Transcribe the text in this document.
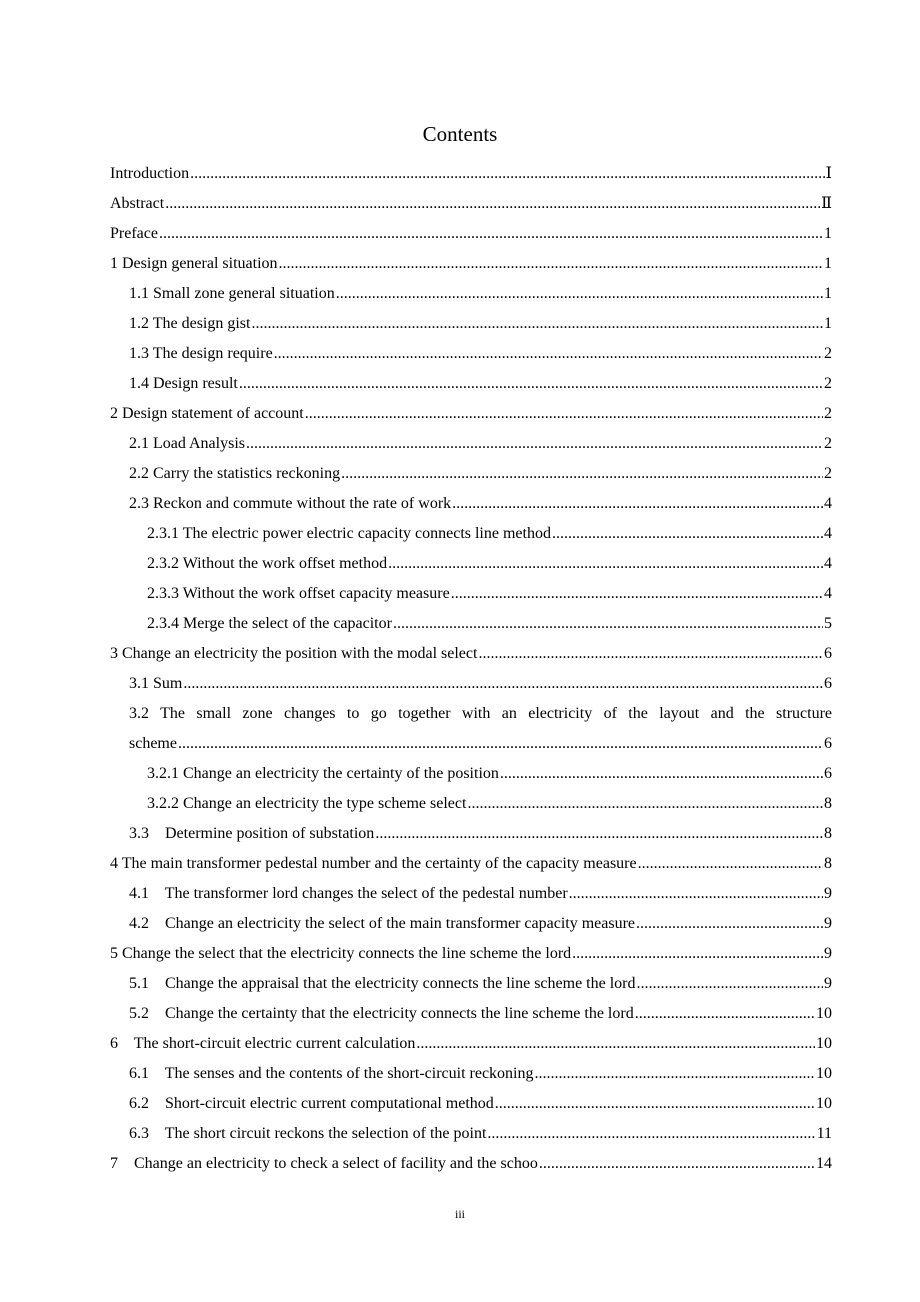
Contents
Introduction .....	Ⅰ
Abstract .....	Ⅱ
Preface .....	1
1 Design general situation .....	1
1.1 Small zone general situation .....	1
1.2 The design gist .....	1
1.3 The design require .....	2
1.4 Design result .....	2
2 Design statement of account .....	2
2.1 Load Analysis .....	2
2.2 Carry the statistics reckoning .....	2
2.3 Reckon and commute without the rate of work .....	4
2.3.1 The electric power electric capacity connects line method .....	4
2.3.2 Without the work offset method .....	4
2.3.3 Without the work offset capacity measure .....	4
2.3.4 Merge the select of the capacitor .....	5
3 Change an electricity the position with the modal select .....	6
3.1 Sum .....	6
3.2 The small zone changes to go together with an electricity of the layout and the structure
scheme .....	6
3.2.1 Change an electricity the certainty of the position .....	6
3.2.2 Change an electricity the type scheme select .....	8
3.3    Determine position of substation .....	8
4 The main transformer pedestal number and the certainty of the capacity measure .....	8
4.1    The transformer lord changes the select of the pedestal number .....	9
4.2    Change an electricity the select of the main transformer capacity measure .....	9
5 Change the select that the electricity connects the line scheme the lord .....	9
5.1    Change the appraisal that the electricity connects the line scheme the lord .....	9
5.2    Change the certainty that the electricity connects the line scheme the lord .....	10
6    The short-circuit electric current calculation .....	10
6.1    The senses and the contents of the short-circuit reckoning .....	10
6.2    Short-circuit electric current computational method .....	10
6.3    The short circuit reckons the selection of the point .....	11
7    Change an electricity to check a select of facility and the schoo .....	14
iii
